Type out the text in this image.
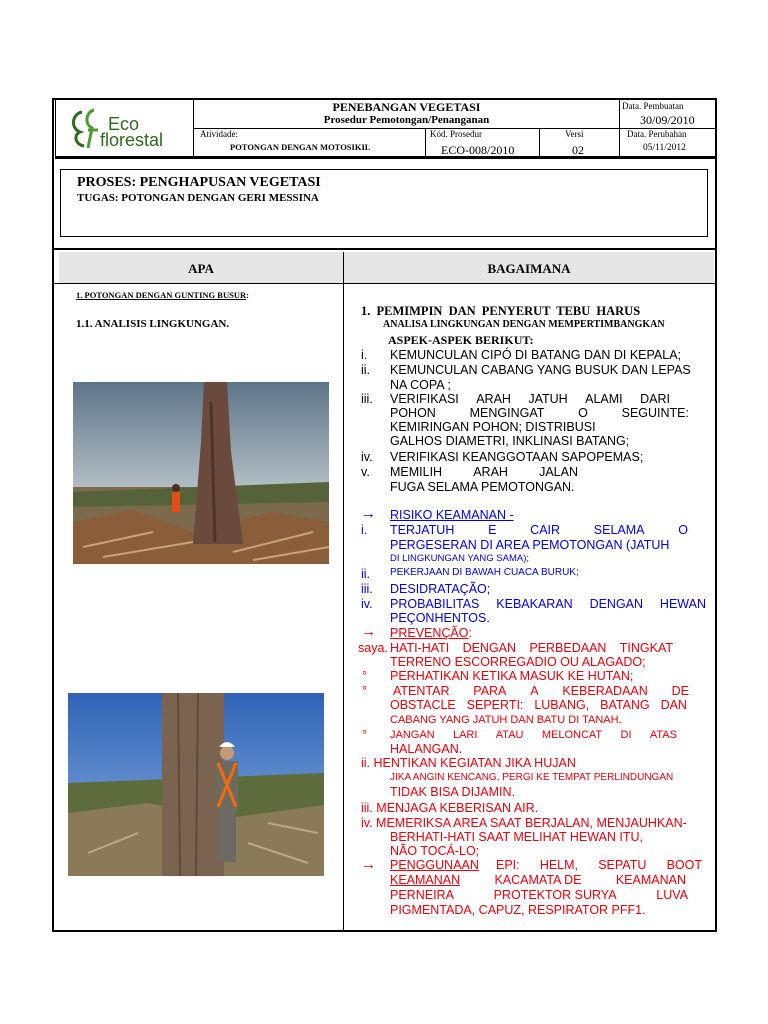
Eco
florestal
PENEBANGAN VEGETASI
Prosedur Pemotongan/Penanganan
Data. Pembuatan
30/09/2010
Atividade:
POTONGAN DENGAN MOTOSIKIL
Kód. Prosedur
ECO-008/2010
Versi
02
Data. Perubahan
05/11/2012
PROSES: PENGHAPUSAN VEGETASI
TUGAS: POTONGAN DENGAN GERI MESSINA
APA	BAGAIMANA
1. POTONGAN DENGAN GUNTING BUSUR:
1.1. ANALISIS LINGKUNGAN.
1. PEMIMPIN DAN PENYERUT TEBU HARUS
ANALISA LINGKUNGAN DENGAN MEMPERTIMBANGKAN
ASPEK-ASPEK BERIKUT:
i. KEMUNCULAN CIPÓ DI BATANG DAN DI KEPALA;
ii. KEMUNCULAN CABANG YANG BUSUK DAN LEPAS
NA COPA ;
iii. VERIFIKASI ARAH JATUH ALAMI DARI
POHON	MENGINGAT	O	SEGUINTE:
KEMIRINGAN POHON; DISTRIBUSI
GALHOS DIAMETRI, INKLINASI BATANG;
iv. VERIFIKASI KEANGGOTAAN SAPOPEMAS;
v. MEMILIH ARAH JALAN
FUGA SELAMA PEMOTONGAN.
→ RISIKO KEAMANAN -
i. TERJATUH	E	CAIR	SELAMA	O
PERGESERAN DI AREA PEMOTONGAN (JATUH
DI LINGKUNGAN YANG SAMA);
ii. PEKERJAAN DI BAWAH CUACA BURUK;
iii. DESIDRATAÇÃO;
iv. PROBABILITAS KEBAKARAN DENGAN HEWAN
PEÇONHENTOS.
→ PREVENÇÃO:
saya. HATI-HATI DENGAN PERBEDAAN TINGKAT
TERRENO ESCORREGADIO OU ALAGADO;
° PERHATIKAN KETIKA MASUK KE HUTAN;
° ATENTAR PARA A KEBERADAAN DE
OBSTACLE SEPERTI: LUBANG, BATANG DAN
CABANG YANG JATUH DAN BATU DI TANAH.
° JANGAN LARI ATAU MELONCAT DI ATAS
HALANGAN.
ii. HENTIKAN KEGIATAN JIKA HUJAN
JIKA ANGIN KENCANG, PERGI KE TEMPAT PERLINDUNGAN
TIDAK BISA DIJAMIN.
iii. MENJAGA KEBERISAN AIR.
iv. MEMERIKSA AREA SAAT BERJALAN, MENJAUHKAN-
BERHATI-HATI SAAT MELIHAT HEWAN ITU,
NÃO TOCÁ-LO;
→ PENGGUNAAN EPI: HELM, SEPATU BOOT
KEAMANAN	KACAMATA DE	KEAMANAN
PERNEIRA	PROTEKTOR SURYA	LUVA
PIGMENTADA, CAPUZ, RESPIRATOR PFF1.
